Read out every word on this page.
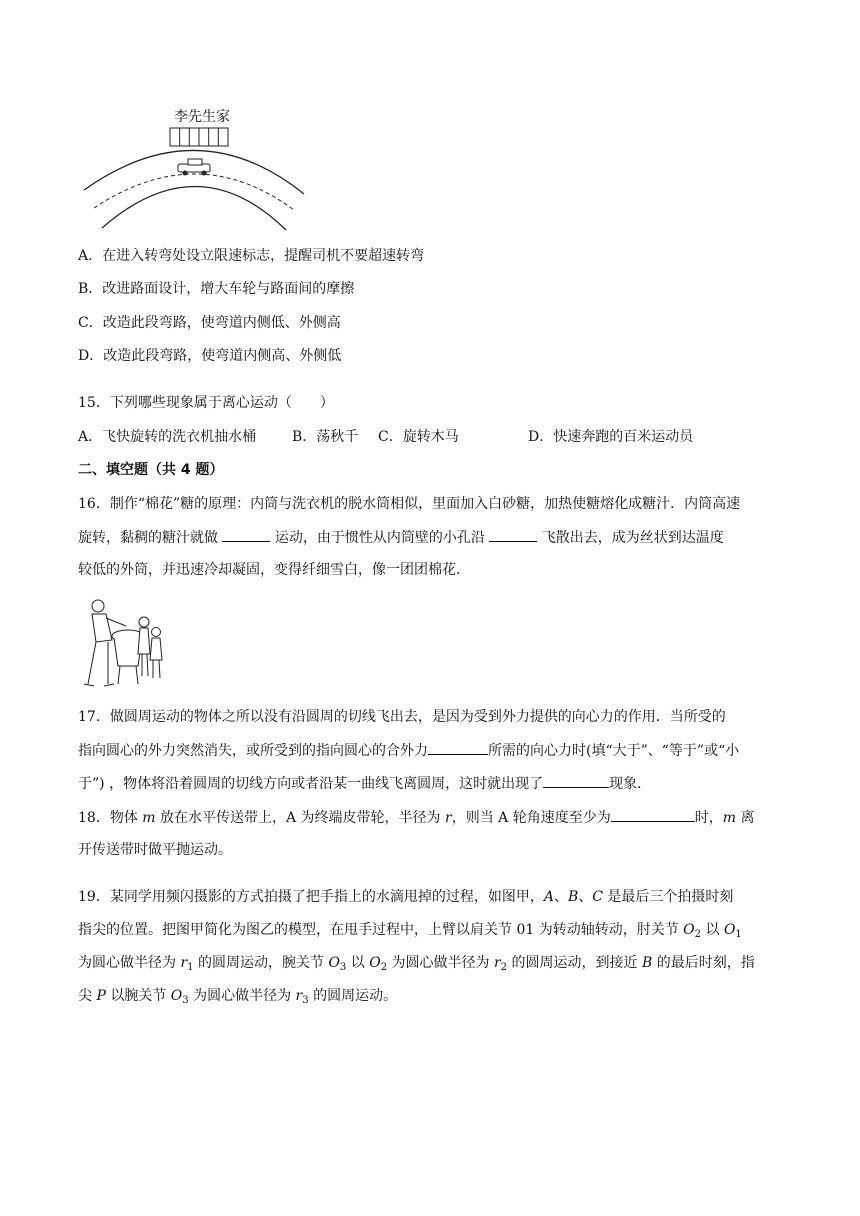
李先生家
A．在进入转弯处设立限速标志，提醒司机不要超速转弯
B．改进路面设计，增大车轮与路面间的摩擦
C．改造此段弯路，使弯道内侧低、外侧高
D．改造此段弯路，使弯道内侧高、外侧低
15．下列哪些现象属于离心运动（　　）
A．飞快旋转的洗衣机抽水桶	B．荡秋千 C．旋转木马	D．快速奔跑的百米运动员
二、填空题（共 4 题）
16．制作“棉花”糖的原理：内筒与洗衣机的脱水筒相似，里面加入白砂糖，加热使糖熔化成糖汁．内筒高速
旋转，黏稠的糖汁就做	运动，由于惯性从内筒壁的小孔沿	飞散出去，成为丝状到达温度
较低的外筒，并迅速冷却凝固，变得纤细雪白，像一团团棉花．
17．做圆周运动的物体之所以没有沿圆周的切线飞出去，是因为受到外力提供的向心力的作用．当所受的
指向圆心的外力突然消失，或所受到的指向圆心的合外力	所需的向心力时(填“大于”、“等于”或“小
于”) ，物体将沿着圆周的切线方向或者沿某一曲线飞离圆周，这时就出现了	现象．
18．物体 m 放在水平传送带上，A 为终端皮带轮，半径为 r，则当 A 轮角速度至少为	时，m 离
开传送带时做平抛运动。
19．某同学用频闪摄影的方式拍摄了把手指上的水滴甩掉的过程，如图甲，A、B、C 是最后三个拍摄时刻
指尖的位置。把图甲简化为图乙的模型，在甩手过程中，上臂以肩关节 01 为转动轴转动，肘关节 $O_2$ 以 $O_1$
为圆心做半径为 $r_1$ 的圆周运动，腕关节 $O_3$ 以 $O_2$ 为圆心做半径为 $r_2$ 的圆周运动，到接近 B 的最后时刻，指
尖 P 以腕关节 $O_3$ 为圆心做半径为 $r_3$ 的圆周运动。
